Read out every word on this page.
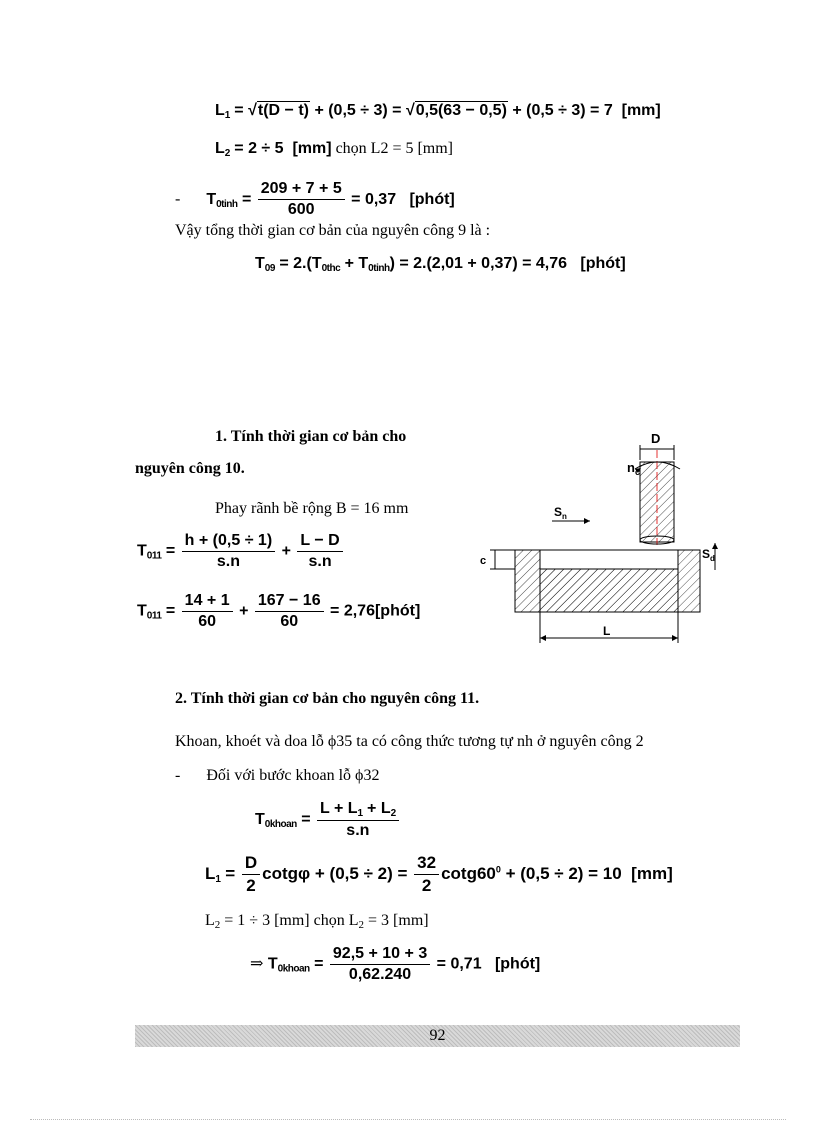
$L_1 = √t(D - t) + (0,5 \div 3) = √0,5(63 - 0,5) + (0,5 \div 3) = 7$ [mm]
$L_2 = 2 \div 5$ [mm] chọn L2 = 5 [mm]
- $T_{0tinh} = \frac{209 + 7 + 5}{600} = 0,37$ [phót]
Vậy tổng thời gian cơ bản của nguyên công 9 là :
$T_{09} = 2.(T_{0thc} + T_{0tinh}) = 2.(2,01 + 0,37) = 4,76$ [phót]
1. Tính thời gian cơ bản cho
nguyên công 10.
Phay rãnh bề rộng B = 16 mm
$T_{011} = \frac{h + (0,5 \div 1)}{s.n} + \frac{L - D}{s.n}$
$T_{011} = \frac{14 + 1}{60} + \frac{167 - 16}{60}$ = 2,76[phót]
D
$n_c$
$S_n$
$S_d$
c
L
2. Tính thời gian cơ bản cho nguyên công 11.
Khoan, khoét và doa lỗ ϕ35 ta có công thức tương tự nh ở nguyên công 2
- Đối với bước khoan lỗ ϕ32
$T_{0khoan} = \frac{L + L_1 + L_2}{s.n}$
$L_1 = \frac{D}{2}$ $\cot g\varphi + (0,5 \div 2) = \frac{32}{2} \cot g60^0 + (0,5 \div 2) = 10$ [mm]
L2 = 1 ÷ 3 [mm] chọn L2 = 3 [mm]
⇒ $T_{0khoan} = \frac{92,5 + 10 + 3}{0,62.240} = 0,71$ [phót]
92
